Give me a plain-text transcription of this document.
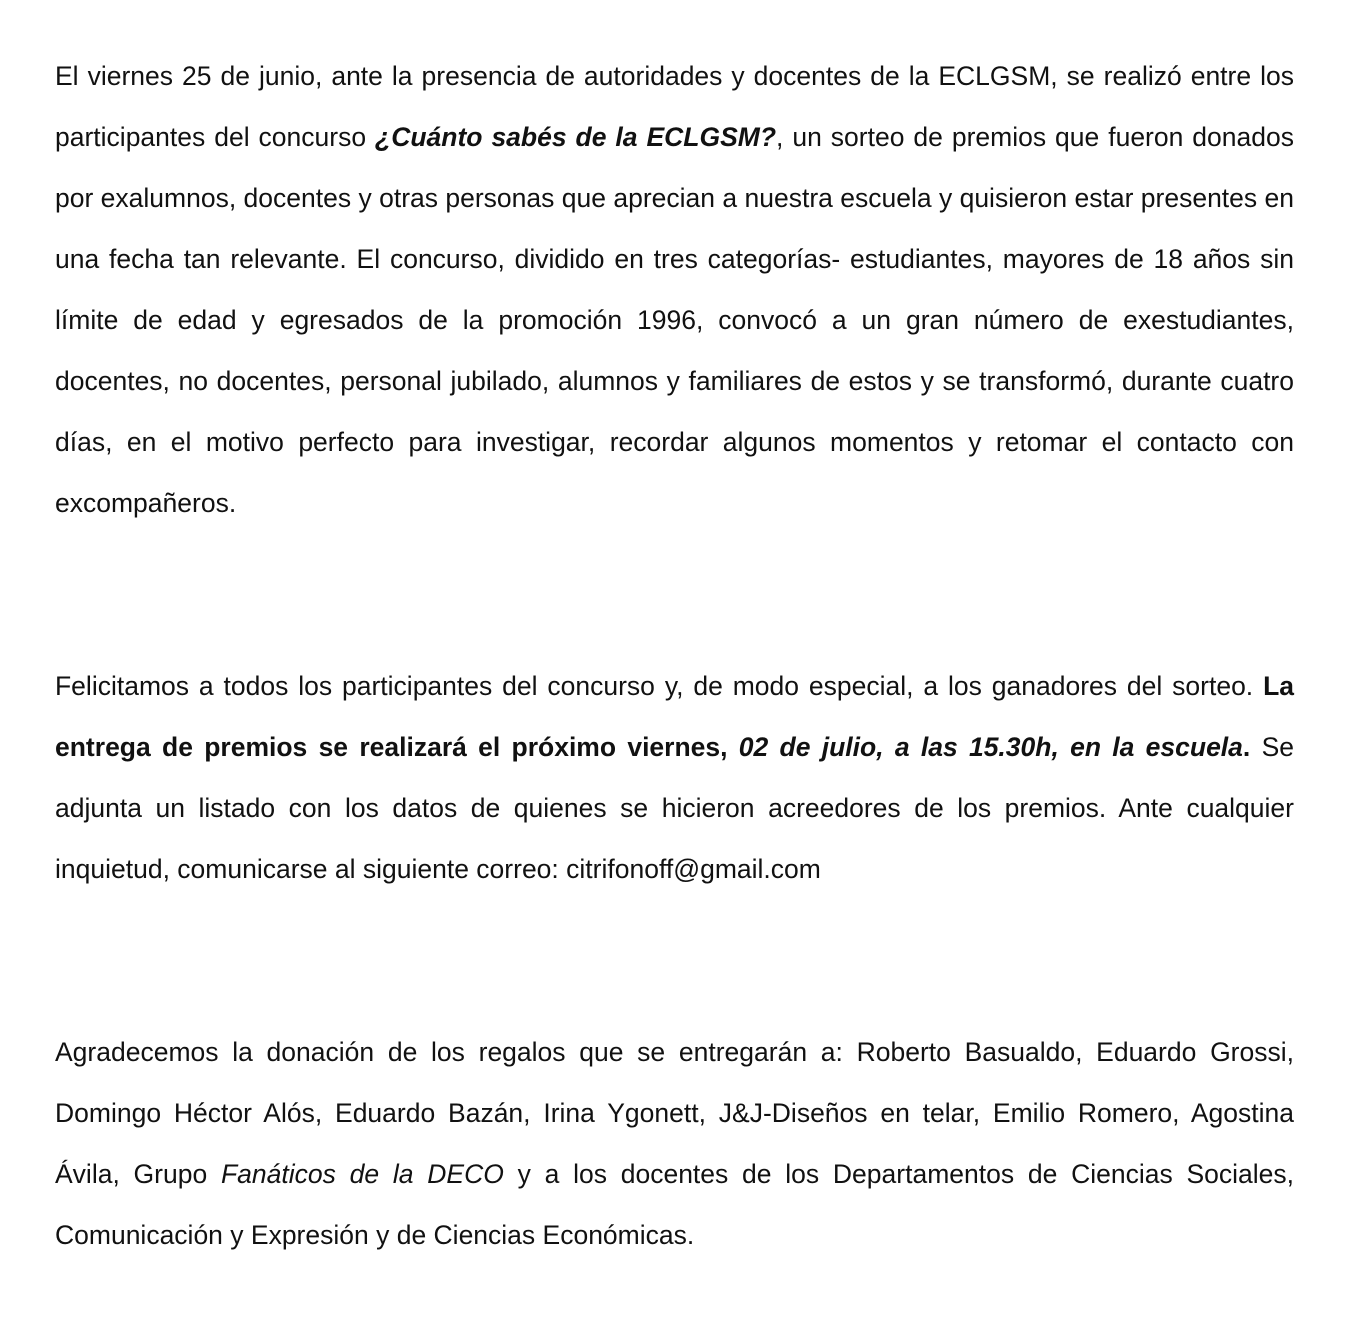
El viernes 25 de junio, ante la presencia de autoridades y docentes de la ECLGSM, se realizó entre los participantes del concurso ¿Cuánto sabés de la ECLGSM?, un sorteo de premios que fueron donados por exalumnos, docentes y otras personas que aprecian a nuestra escuela y quisieron estar presentes en una fecha tan relevante. El concurso, dividido en tres categorías- estudiantes, mayores de 18 años sin límite de edad y egresados de la promoción 1996, convocó a un gran número de exestudiantes, docentes, no docentes, personal jubilado, alumnos y familiares de estos y se transformó, durante cuatro días, en el motivo perfecto para investigar, recordar algunos momentos y retomar el contacto con excompañeros.

Felicitamos a todos los participantes del concurso y, de modo especial, a los ganadores del sorteo. La entrega de premios se realizará el próximo viernes, 02 de julio, a las 15.30h, en la escuela. Se adjunta un listado con los datos de quienes se hicieron acreedores de los premios. Ante cualquier inquietud, comunicarse al siguiente correo: citrifonoff@gmail.com

Agradecemos la donación de los regalos que se entregarán a: Roberto Basualdo, Eduardo Grossi, Domingo Héctor Alós, Eduardo Bazán, Irina Ygonett, J&J-Diseños en telar, Emilio Romero, Agostina Ávila, Grupo Fanáticos de la DECO y a los docentes de los Departamentos de Ciencias Sociales, Comunicación y Expresión y de Ciencias Económicas.
